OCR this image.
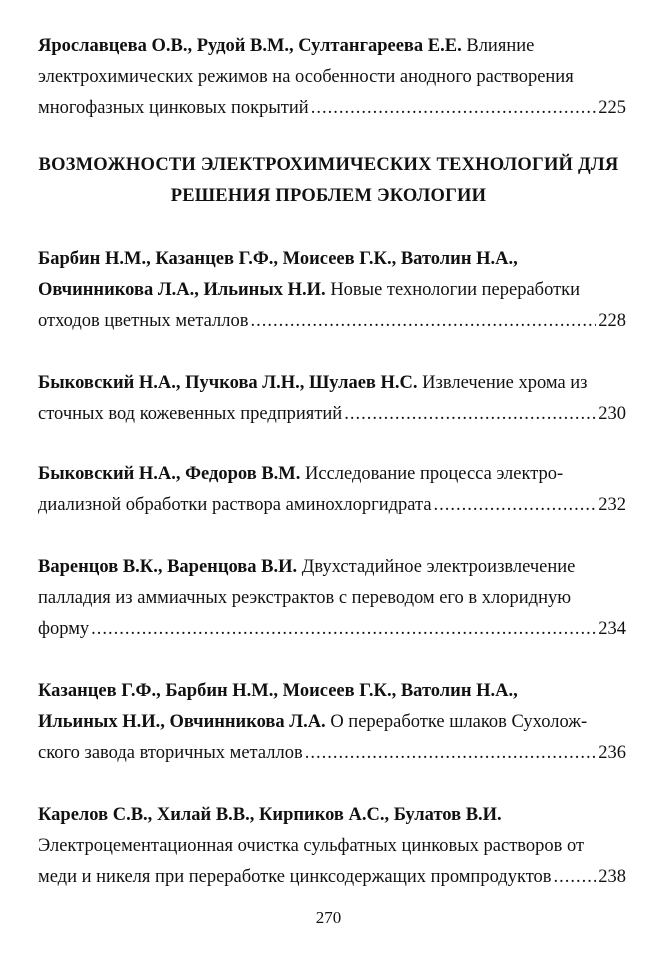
Ярославцева О.В., Рудой В.М., Султангареева Е.Е. Влияние
электрохимических режимов на особенности анодного растворения
многофазных цинковых покрытий .....	225
ВОЗМОЖНОСТИ ЭЛЕКТРОХИМИЧЕСКИХ ТЕХНОЛОГИЙ ДЛЯ
РЕШЕНИЯ ПРОБЛЕМ ЭКОЛОГИИ
Барбин Н.М., Казанцев Г.Ф., Моисеев Г.К., Ватолин Н.А.,
Овчинникова Л.А., Ильиных Н.И. Новые технологии переработки
отходов цветных металлов .....	228
Быковский Н.А., Пучкова Л.Н., Шулаев Н.С. Извлечение хрома из
сточных вод кожевенных предприятий .....	230
Быковский Н.А., Федоров В.М. Исследование процесса электро-
диализной обработки раствора аминохлоргидрата .....	232
Варенцов В.К., Варенцова В.И. Двухстадийное электроизвлечение
палладия из аммиачных реэкстрактов с переводом его в хлоридную
форму .....	234
Казанцев Г.Ф., Барбин Н.М., Моисеев Г.К., Ватолин Н.А.,
Ильиных Н.И., Овчинникова Л.А. О переработке шлаков Сухолож-
ского завода вторичных металлов .....	236
Карелов С.В., Хилай В.В., Кирпиков А.С., Булатов В.И.
Электроцементационная очистка сульфатных цинковых растворов от
меди и никеля при переработке цинксодержащих промпродуктов .....	238
270
